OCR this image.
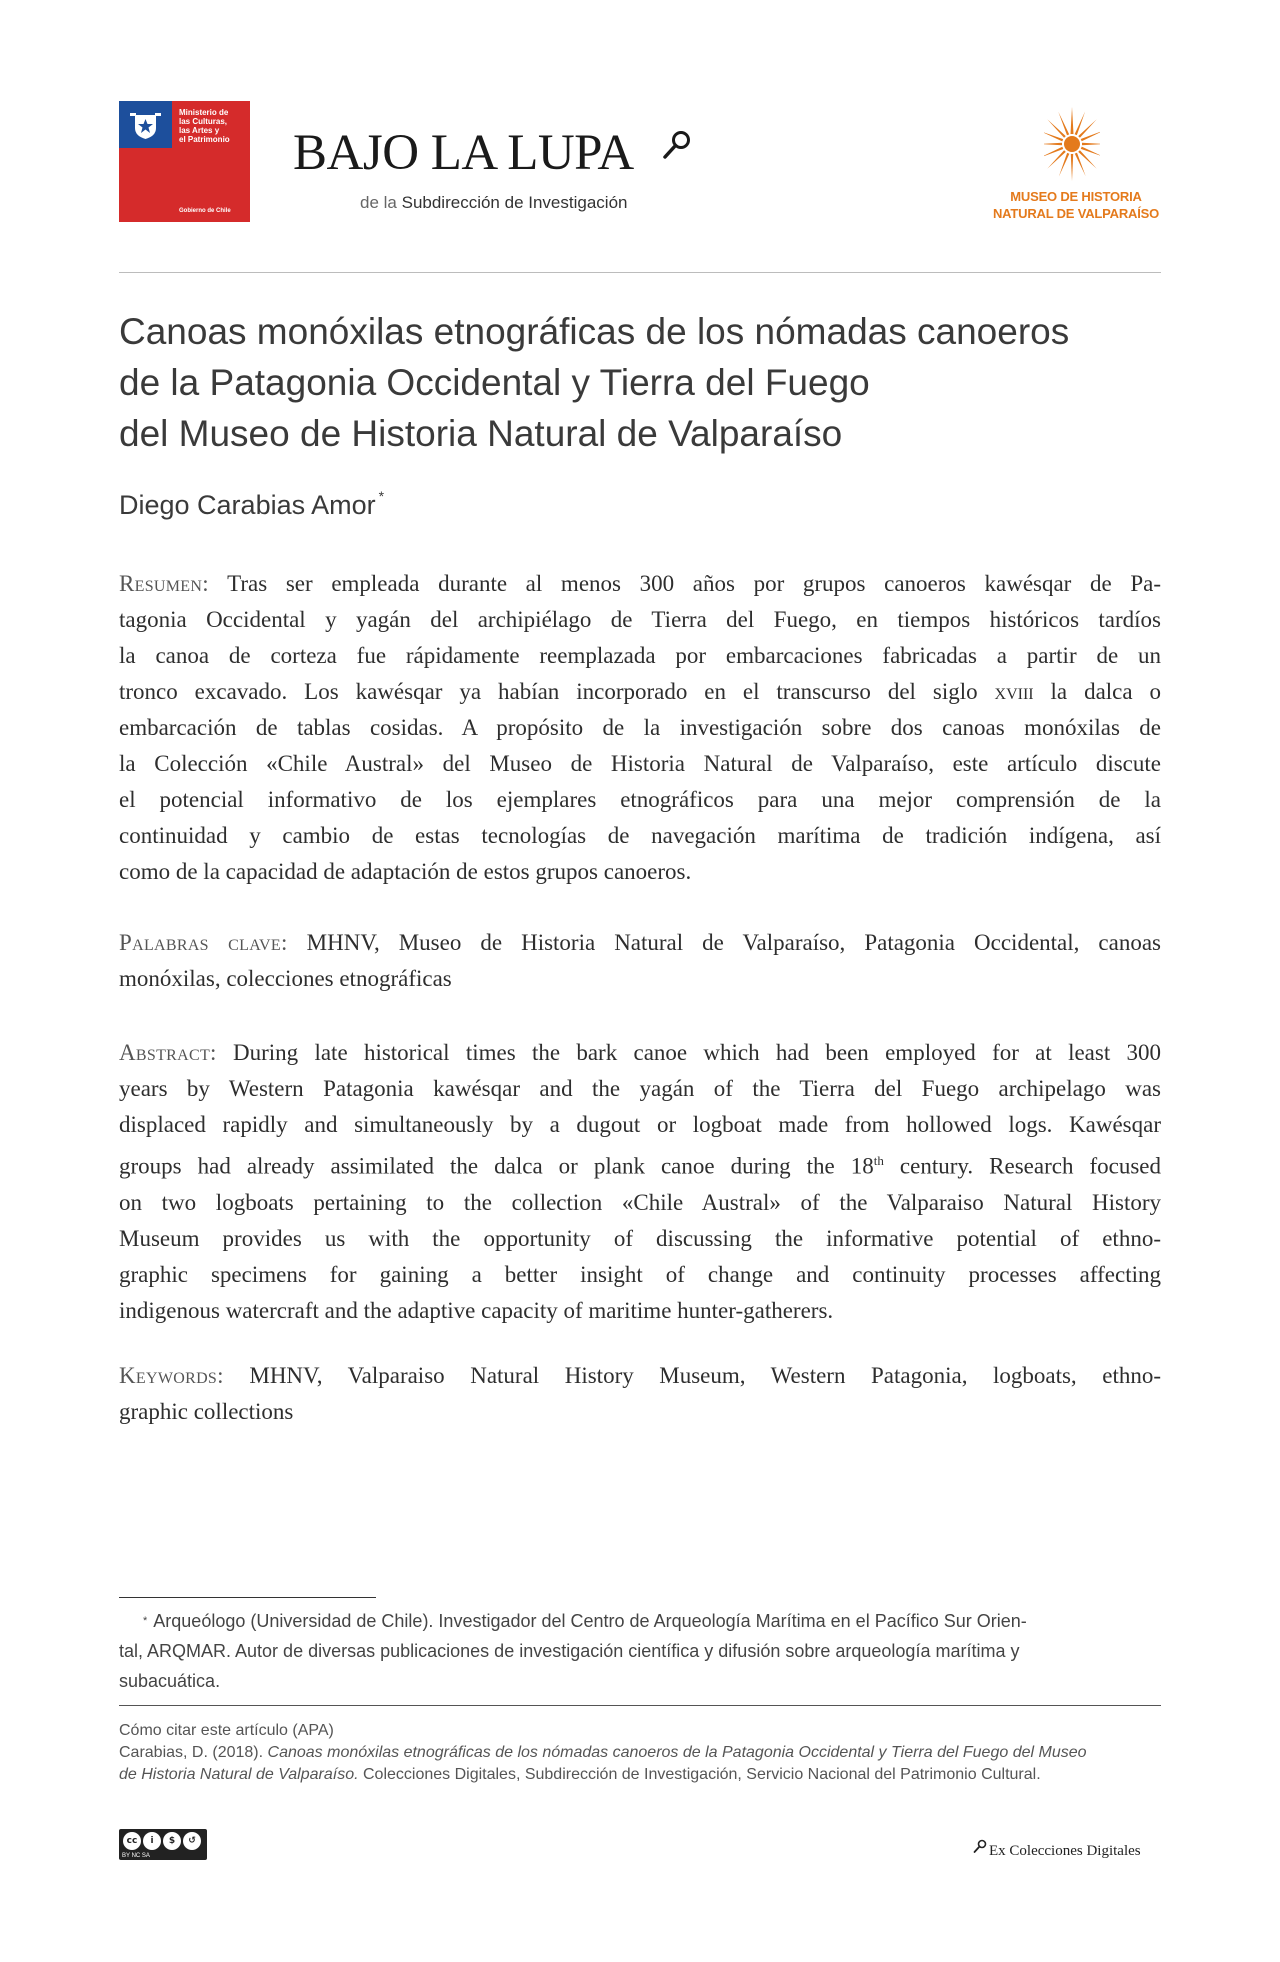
Ministerio de
las Culturas,
las Artes y
el Patrimonio
Gobierno de Chile
BAJO LA LUPA
de la Subdirección de Investigación	MUSEO DE HISTORIA
NATURAL DE VALPARAÍSO
Canoas monóxilas etnográficas de los nómadas canoeros
de la Patagonia Occidental y Tierra del Fuego
del Museo de Historia Natural de Valparaíso
Diego Carabias Amor *
Resumen: Tras ser empleada durante al menos 300 años por grupos canoeros kawésqar de Pa-
tagonia Occidental y yagán del archipiélago de Tierra del Fuego, en tiempos históricos tardíos
la canoa de corteza fue rápidamente reemplazada por embarcaciones fabricadas a partir de un
tronco excavado. Los kawésqar ya habían incorporado en el transcurso del siglo xviii la dalca o
embarcación de tablas cosidas. A propósito de la investigación sobre dos canoas monóxilas de
la Colección «Chile Austral» del Museo de Historia Natural de Valparaíso, este artículo discute
el potencial informativo de los ejemplares etnográficos para una mejor comprensión de la
continuidad y cambio de estas tecnologías de navegación marítima de tradición indígena, así
como de la capacidad de adaptación de estos grupos canoeros.
Palabras clave: MHNV, Museo de Historia Natural de Valparaíso, Patagonia Occidental, canoas
monóxilas, colecciones etnográficas
Abstract: During late historical times the bark canoe which had been employed for at least 300
years by Western Patagonia kawésqar and the yagán of the Tierra del Fuego archipelago was
displaced rapidly and simultaneously by a dugout or logboat made from hollowed logs. Kawésqar
groups had already assimilated the dalca or plank canoe during the 18th century. Research focused
on two logboats pertaining to the collection «Chile Austral» of the Valparaiso Natural History
Museum provides us with the opportunity of discussing the informative potential of ethno-
graphic specimens for gaining a better insight of change and continuity processes affecting
indigenous watercraft and the adaptive capacity of maritime hunter-gatherers.
Keywords: MHNV, Valparaiso Natural History Museum, Western Patagonia, logboats, ethno-
graphic collections
* Arqueólogo (Universidad de Chile). Investigador del Centro de Arqueología Marítima en el Pacífico Sur Orien-
tal, ARQMAR. Autor de diversas publicaciones de investigación científica y difusión sobre arqueología marítima y
subacuática.
Cómo citar este artículo (APA)
Carabias, D. (2018). Canoas monóxilas etnográficas de los nómadas canoeros de la Patagonia Occidental y Tierra del Fuego del Museo
de Historia Natural de Valparaíso. Colecciones Digitales, Subdirección de Investigación, Servicio Nacional del Patrimonio Cultural.
cc	i	$	↺
BY NC SA	Ex Colecciones Digitales
